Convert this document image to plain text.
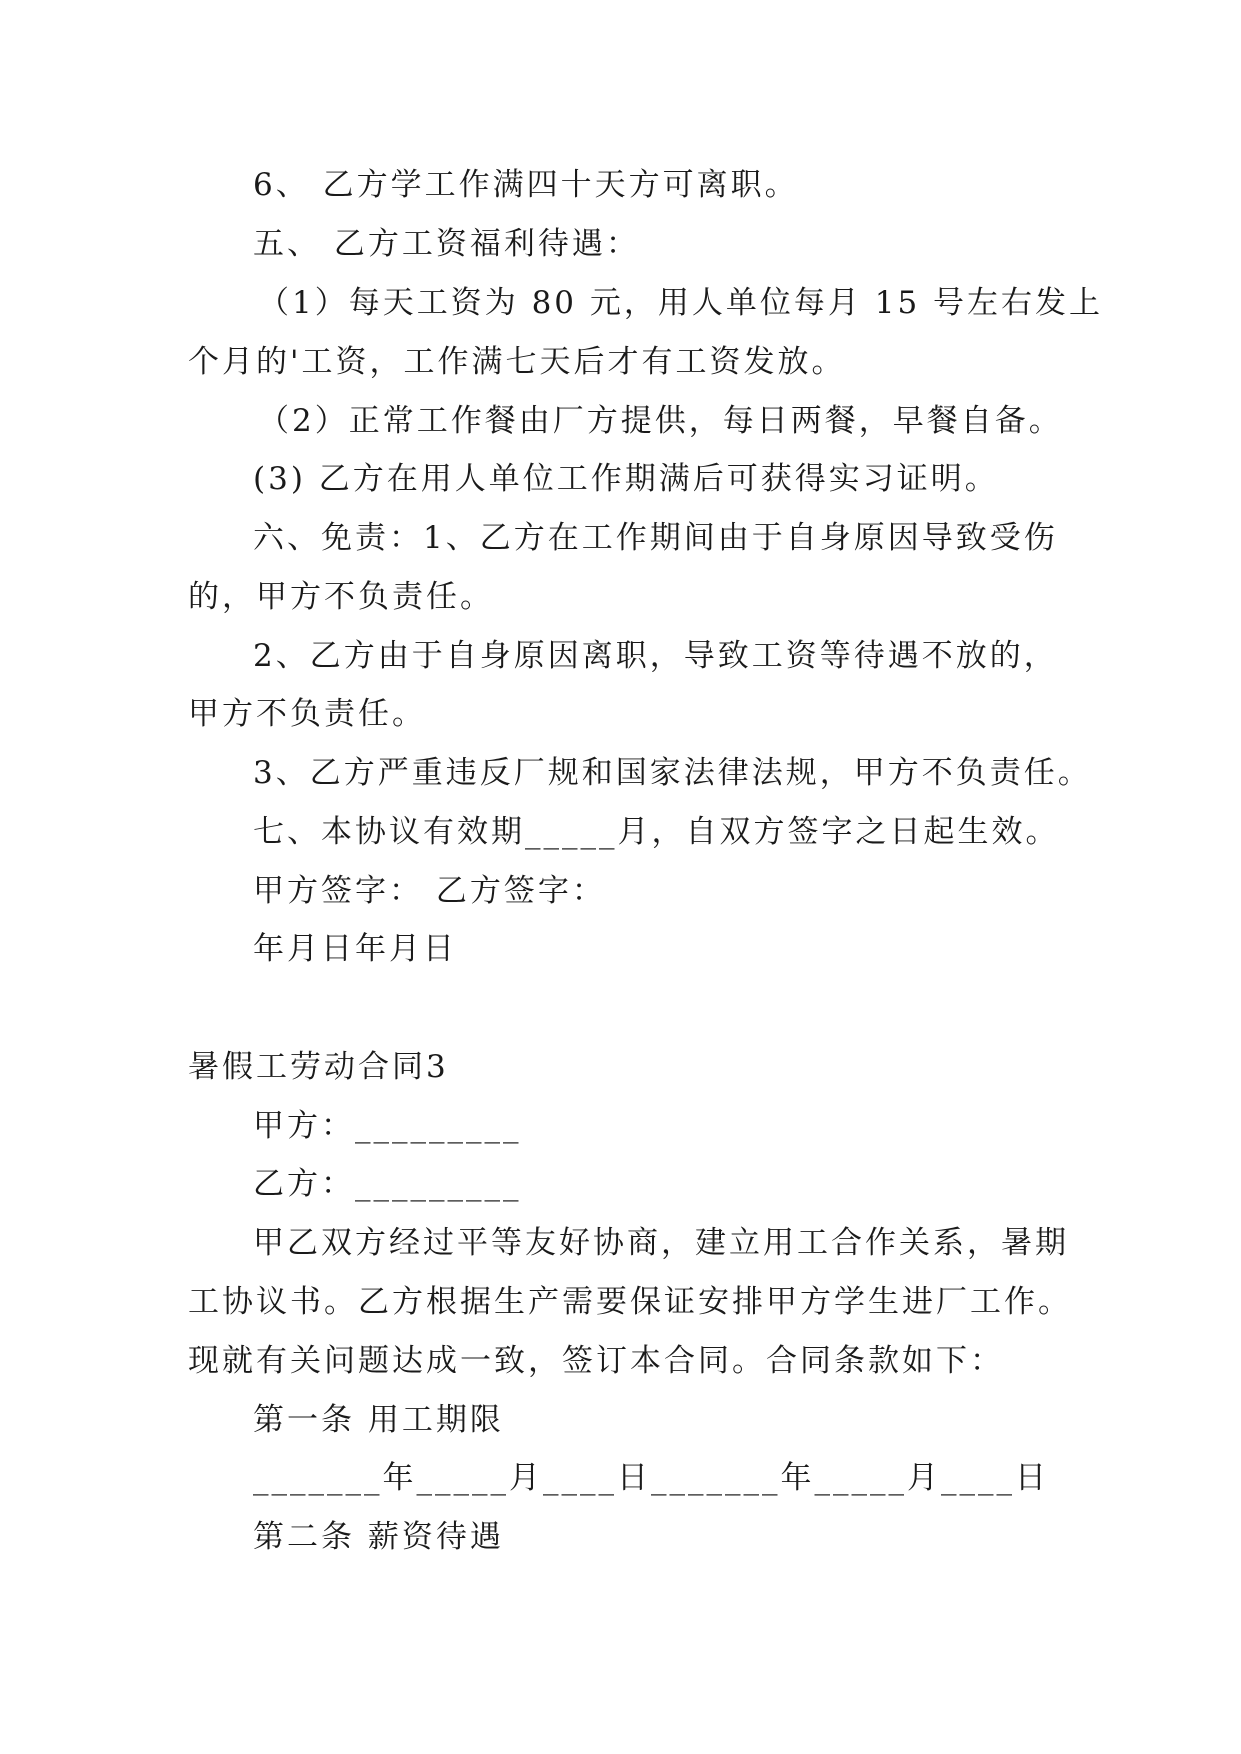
6、 乙方学工作满四十天方可离职。
五、 乙方工资福利待遇：
（1）每天工资为 80 元，用人单位每月 15 号左右发上
个月的'工资，工作满七天后才有工资发放。
（2）正常工作餐由厂方提供，每日两餐，早餐自备。
(3) 乙方在用人单位工作期满后可获得实习证明。
六、免责：1、乙方在工作期间由于自身原因导致受伤
的，甲方不负责任。
2、乙方由于自身原因离职，导致工资等待遇不放的，
甲方不负责任。
3、乙方严重违反厂规和国家法律法规，甲方不负责任。
七、本协议有效期_____月，自双方签字之日起生效。
甲方签字： 乙方签字：
年月日年月日
暑假工劳动合同3
甲方：_________
乙方：_________
甲乙双方经过平等友好协商，建立用工合作关系，暑期
工协议书。乙方根据生产需要保证安排甲方学生进厂工作。
现就有关问题达成一致，签订本合同。合同条款如下：
第一条 用工期限
_______年_____月____日_______年_____月____日
第二条 薪资待遇
